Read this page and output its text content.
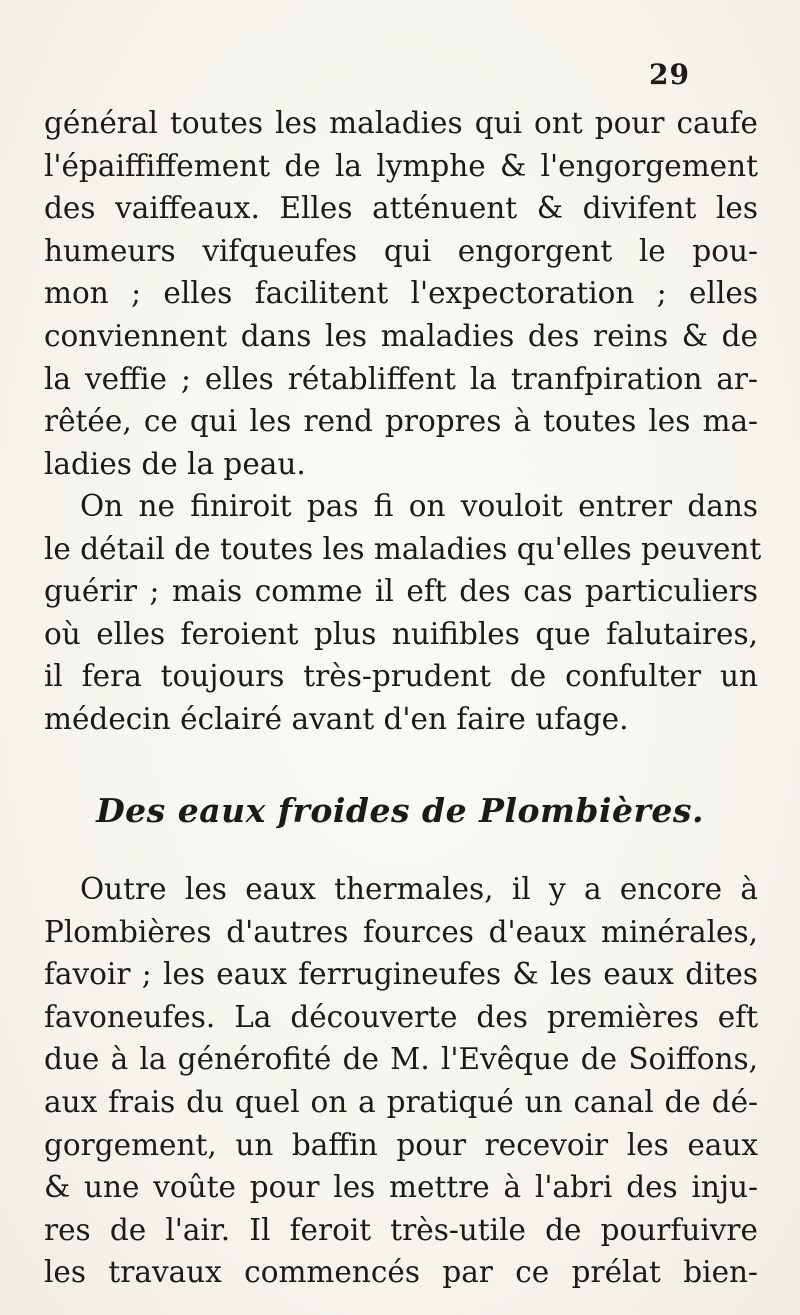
29
général toutes les maladies qui ont pour caufe
l'épaiffiffement de la lymphe & l'engorgement
des vaiffeaux. Elles atténuent & divifent les
humeurs vifqueufes qui engorgent le pou-
mon ; elles facilitent l'expectoration ; elles
conviennent dans les maladies des reins & de
la veffie ; elles rétabliffent la tranfpiration ar-
rêtée, ce qui les rend propres à toutes les ma-
ladies de la peau.
On ne finiroit pas fi on vouloit entrer dans
le détail de toutes les maladies qu'elles peuvent
guérir ; mais comme il eft des cas particuliers
où elles feroient plus nuifibles que falutaires,
il fera toujours très-prudent de confulter un
médecin éclairé avant d'en faire ufage.
Des eaux froides de Plombières.
Outre les eaux thermales, il y a encore à
Plombières d'autres fources d'eaux minérales,
favoir ; les eaux ferrugineufes & les eaux dites
favoneufes. La découverte des premières eft
due à la générofité de M. l'Evêque de Soiffons,
aux frais du quel on a pratiqué un canal de dé-
gorgement, un baffin pour recevoir les eaux
& une voûte pour les mettre à l'abri des inju-
res de l'air. Il feroit très-utile de pourfuivre
les travaux commencés par ce prélat bien-
